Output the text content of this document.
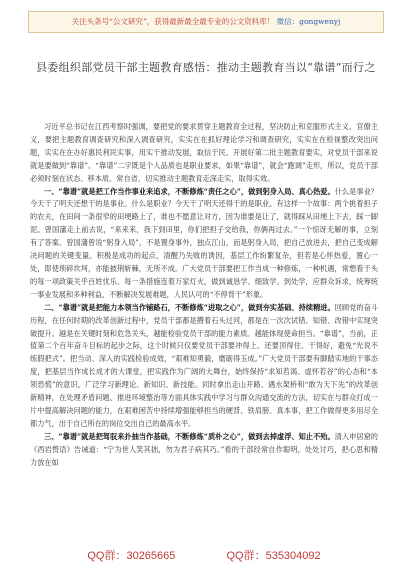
关注头条号“公文研究”，获得最新最全最专业的公文资料库！ 微信：gongwenyj
县委组织部党员干部主题教育感悟：推动主题教育当以“靠谱”而行之

习近平总书记在江西考察时强调，要把党的要求贯穿主题教育全过程，坚决防止和克服形式主义、官僚主义，要把主题教育调查研究和深入调查研究，实实在在抓好理论学习和调查研究，实实在在检视整改突出问题，实实在在办好惠民利民实事，用实干推动发展，取信于民。开展好第二批主题教育要实，对党员干部来说就是要做到“靠谱”。“靠谱”二字既是个人品质也是职业要求，如果“靠谱”，就会“跑调”走形，所以，党员干部必须时刻在状态、移本质、常自省，切实推动主题教育走深走实，取得实效。

一、“靠谱”就是把工作当作事业来追求，不断修炼“责任之心”，做到躬身入局、真心热爱。什么是事业？今天干了明天还想干的是事业。什么是职业？今天干了明天还得干的是职业。有这样一个故事：两个挑着担子的农夫，在田间一条很窄的田埂路上了，谁也不愿意让对方，因为谁要是让了，就得踩从田埂上下去，踩一脚泥。曾国藩走上前去说，“来来来，我下到田里，你们把担子交给我，你俩再过去。”一个惊讶无解的事，立刻有了答案。曾国藩曾说“躬身入局”，不是置身事外，独点江山，而是躬身入局，把自己放进去，把自己变成解决问题的关键变量。积极是成功的起点，清醒乃失败的诱因，基层工作纷繁复杂，但若是心怀热爱，置心一处，即使琐碎坎坷，亦能披荆斩棘，无所不成。广大党员干部要把工作当成一种修炼，一种机遇，常想看于头的每一项政策关乎百姓忧乐、每一条措施连着万家灯火，做到诚恳学、细致学、到处学，应群众诉求，统筹统一事业发展和多种利益，不断解决发展难题，人民认可的“不停背干”形象。

二、“靠谱”就是把能力本领当作铺路石，不断修炼“进取之心”，做到夯实基础、持续精进。回顾党的奋斗历程，在任何时期的改革创新过程中，党员干部都是攒着石头过河，都是在一次次试错、知错、改错中实现突破提升。越是在关键时刻和危急关头，越能检验党员干部的能力素质。越能体现使命担当。“靠谱”，当前，正值第二个百年奋斗目标的起步之际，这个时候只仅要党员干部要冲得上、还要顶得住、干得好，避免“光说不练假把式”。把当动、深入的实践检验成效，“艰难知勇毅，磨砺得玉成。”广大党员干部要有脚踏实地的干事态度，把基层当作成长成才的大课堂，把实践作为广阔的大舞台，始终保持“求知若渴、虚怀若谷”的心态和“本领恐慌”的意识，广泛学习新理论、新知识、新技能。同时拿出走山开路、遇水架桥和“敢为天下先”的改革创新精神，在处理矛盾问题、推进环境整治等方面具体实践中学习与群众沟通交流的方法，切实在与群众打成一片中提高解决问题的能力，在艰难困苦中持续增强能够担当的硬背、铁肩膀、真本事，把工作做得更多用尽全都力气，出于自己所在的岗位交出自己的最高水平。

三、“靠谱”就是把驾驭来扑抽当作基础，不断修炼“质朴之心”，做到去掉虚浮、知止不殆。清入申居窟的《西岩赘语》告诫道：“宁为世人笑其拙，勿为君子病其巧。”看的干部经常自作聪明，处处讨巧，把心思和精力放在如

QQ群：30265665	QQ群：535304092
